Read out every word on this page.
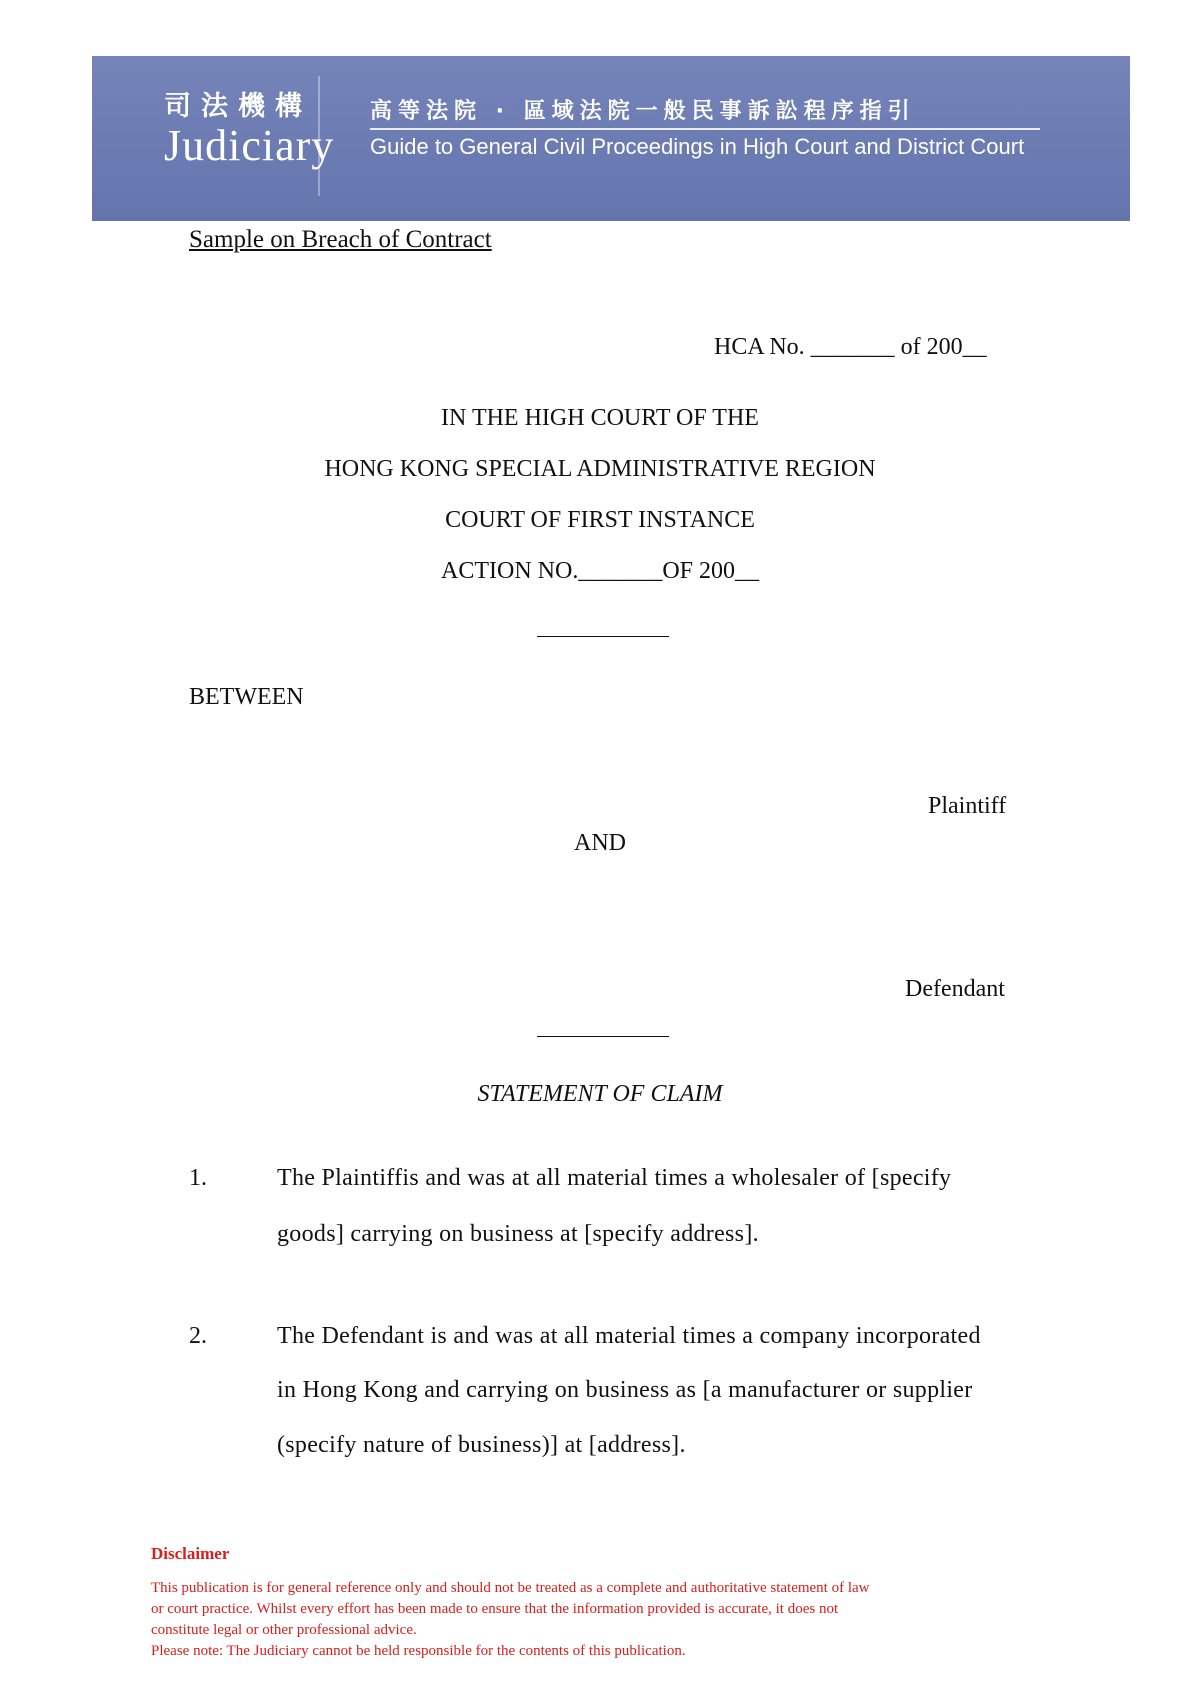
司法機構
Judiciary
高等法院 · 區域法院一般民事訴訟程序指引
Guide to General Civil Proceedings in High Court and District Court
Sample on Breach of Contract
HCA No. _______ of 200__
IN THE HIGH COURT OF THE
HONG KONG SPECIAL ADMINISTRATIVE REGION
COURT OF FIRST INSTANCE
ACTION NO._______OF 200__
BETWEEN
Plaintiff
AND
Defendant
STATEMENT OF CLAIM
1.	The Plaintiffis and was at all material times a wholesaler of [specify
goods] carrying on business at [specify address].
2.	The Defendant is and was at all material times a company incorporated
in Hong Kong and carrying on business as [a manufacturer or supplier
(specify nature of business)] at [address].
Disclaimer
This publication is for general reference only and should not be treated as a complete and authoritative statement of law
or court practice. Whilst every effort has been made to ensure that the information provided is accurate, it does not
constitute legal or other professional advice.
Please note: The Judiciary cannot be held responsible for the contents of this publication.
